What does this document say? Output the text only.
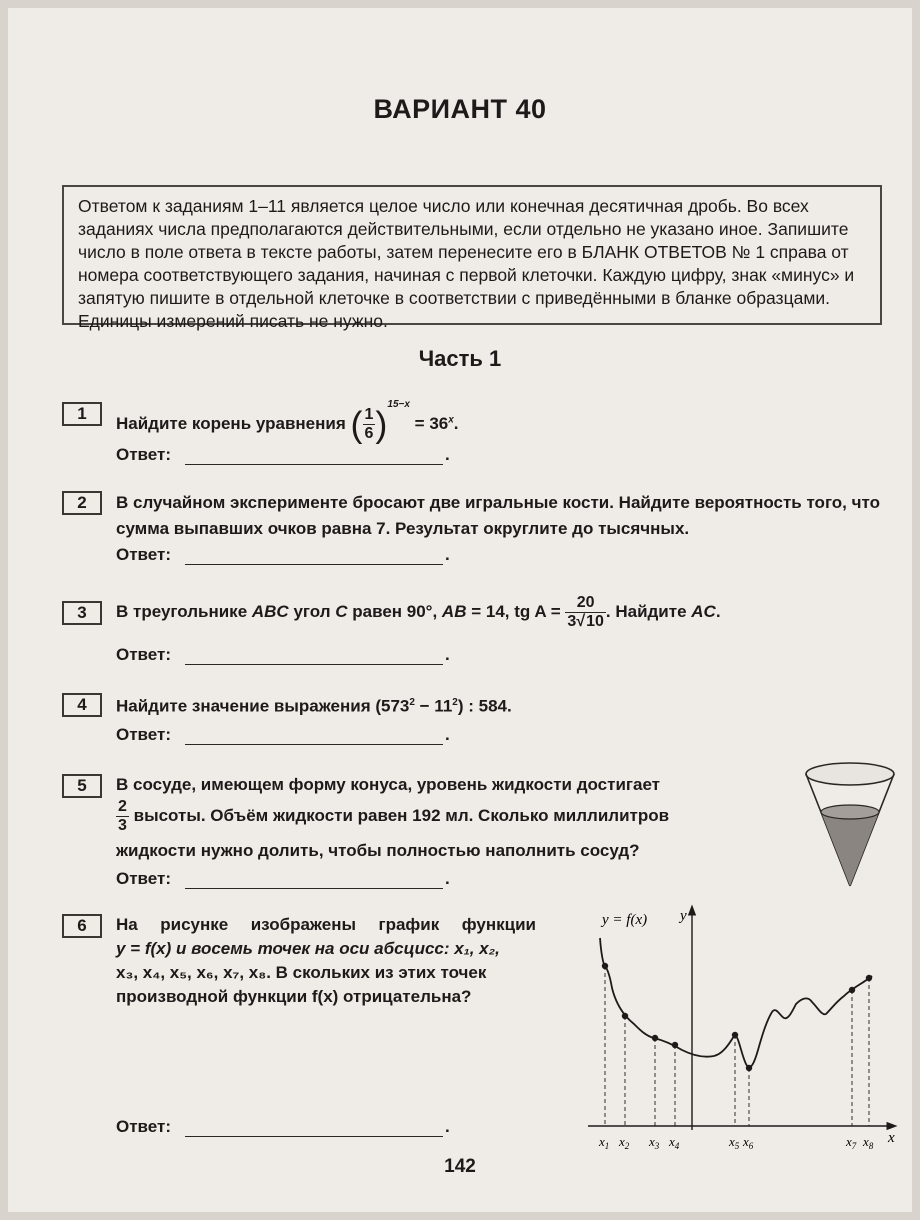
ВАРИАНТ 40
Ответом к заданиям 1–11 является целое число или конечная десятичная дробь. Во всех заданиях числа предполагаются действительными, если отдельно не указано иное. Запишите число в поле ответа в тексте работы, затем перенесите его в БЛАНК ОТВЕТОВ № 1 справа от номера соответствующего задания, начиная с первой клеточки. Каждую цифру, знак «минус» и запятую пишите в отдельной клеточке в соответствии с приведёнными в бланке образцами. Единицы измерений писать не нужно.
Часть 1
1
Найдите корень уравнения ( $\frac{1}{6} )^{15-x} = 36^x$.
Ответ:	.
2	В случайном эксперименте бросают две игральные кости. Найдите вероятность того, что сумма выпавших очков равна 7. Результат округлите до тысячных.
Ответ:	.
3	В треугольнике ABC угол C равен 90°, AB = 14, tg $A = \frac{20}{3√10}$ . Найдите AC.
Ответ:	.
4	Найдите значение выражения $(573^2 - 11^2)$ : 584.
Ответ:	.
5	В сосуде, имеющем форму конуса, уровень жидкости достигает
$\frac{2}{3}$ высоты. Объём жидкости равен 192 мл. Сколько миллилитров
жидкости нужно долить, чтобы полностью наполнить сосуд?
Ответ:	.
6	На рисунке изображены график функции
y = f(x) и восемь точек на оси абсцисс: x₁, x₂,
x₃, x₄, x₅, x₆, x₇, x₈. В скольких из этих точек
производной функции f(x) отрицательна?
Ответ:	.
y
x
y = f(x)
$x_1$ $x_2$ $x_3$ $x_4$	$x_5$ $x_6$	$x_7$ $x_8$
142
